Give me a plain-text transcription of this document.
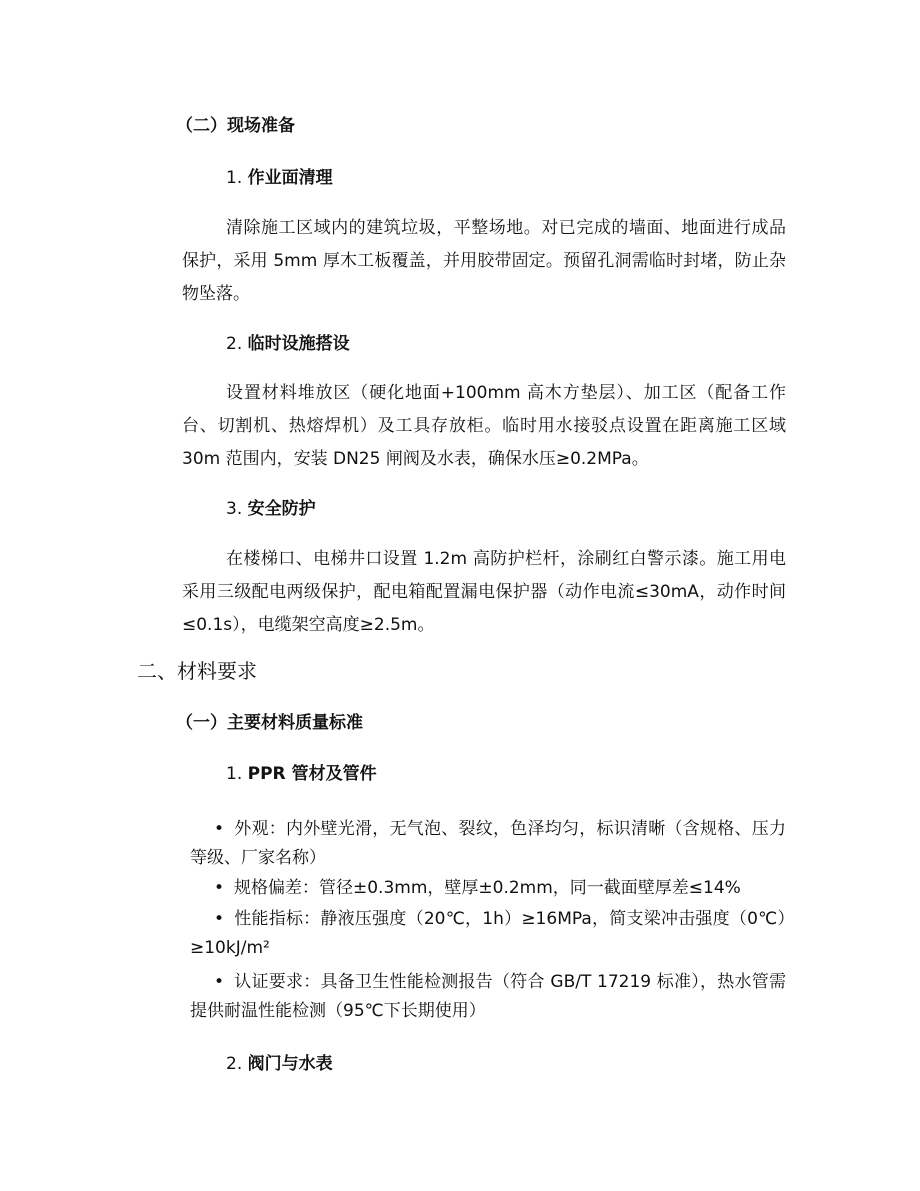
（二）现场准备
1. 作业面清理
清除施工区域内的建筑垃圾，平整场地。对已完成的墙面、地面进行成品保护，采用 5mm 厚木工板覆盖，并用胶带固定。预留孔洞需临时封堵，防止杂物坠落。
2. 临时设施搭设
设置材料堆放区（硬化地面+100mm 高木方垫层）、加工区（配备工作台、切割机、热熔焊机）及工具存放柜。临时用水接驳点设置在距离施工区域 30m 范围内，安装 DN25 闸阀及水表，确保水压≥0.2MPa。
3. 安全防护
在楼梯口、电梯井口设置 1.2m 高防护栏杆，涂刷红白警示漆。施工用电采用三级配电两级保护，配电箱配置漏电保护器（动作电流≤30mA，动作时间≤0.1s），电缆架空高度≥2.5m。
二、材料要求
（一）主要材料质量标准
1. PPR 管材及管件
• 外观：内外壁光滑，无气泡、裂纹，色泽均匀，标识清晰（含规格、压力等级、厂家名称）
• 规格偏差：管径±0.3mm，壁厚±0.2mm，同一截面壁厚差≤14%
• 性能指标：静液压强度（20℃，1h）≥16MPa，简支梁冲击强度（0℃）≥10kJ/m²
• 认证要求：具备卫生性能检测报告（符合 GB/T 17219 标准），热水管需提供耐温性能检测（95℃下长期使用）
2. 阀门与水表
